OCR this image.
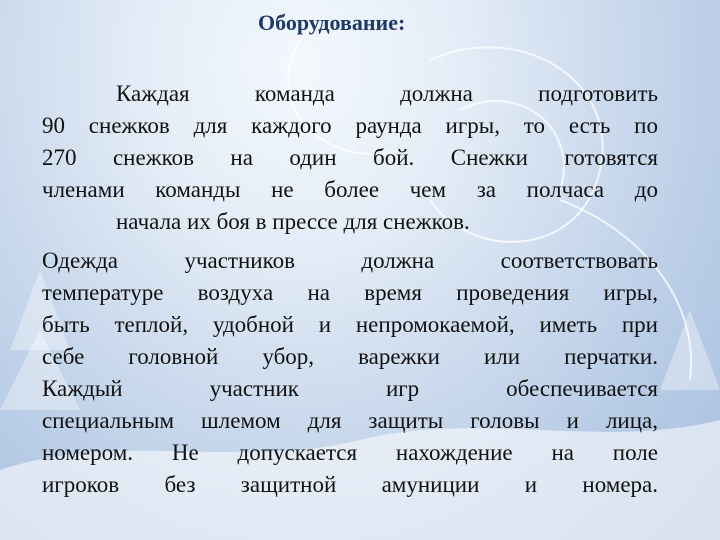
Оборудование:
Каждая команда должна подготовить
90 снежков для каждого раунда игры, то есть по
270 снежков на один бой. Снежки готовятся
членами команды не более чем за полчаса до
начала их боя в прессе для снежков.
Одежда участников должна соответствовать
температуре воздуха на время проведения игры,
быть теплой, удобной и непромокаемой, иметь при
себе головной убор, варежки или перчатки.
Каждый участник игр обеспечивается
специальным шлемом для защиты головы и лица,
номером. Не допускается нахождение на поле
игроков без защитной амуниции и номера.
